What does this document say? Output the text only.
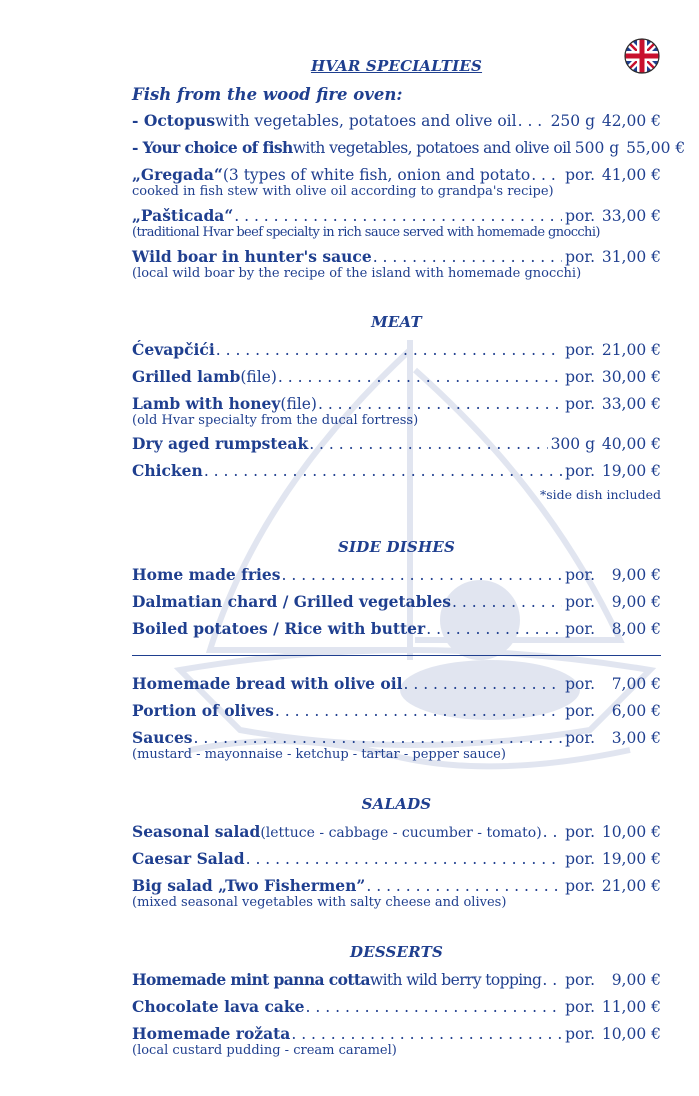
HVAR SPECIALTIES
Fish from the wood fire oven:
- Octopus with vegetables, potatoes and olive oil . . . 250 g 42,00 €
- Your choice of fish with vegetables, potatoes and olive oil 500 g 55,00 €
„Gregada“ (3 types of white fish, onion and potato . . . por. 41,00 €
cooked in fish stew with olive oil according to grandpa's recipe)
„Pašticada“ . . .	por. 33,00 €
(traditional Hvar beef specialty in rich sauce served with homemade gnocchi)
Wild boar in hunter's sauce . . .	por. 31,00 €
(local wild boar by the recipe of the island with homemade gnocchi)
MEAT
Ćevapčići . . .	por. 21,00 €
Grilled lamb (file) . . .	por. 30,00 €
Lamb with honey (file) . . .	por. 33,00 €
(old Hvar specialty from the ducal fortress)
Dry aged rumpsteak . . .	300 g 40,00 €
Chicken . . .	por. 19,00 €
*side dish included
SIDE DISHES
Home made fries . . .	por.	9,00 €
Dalmatian chard / Grilled vegetables . . .	por.	9,00 €
Boiled potatoes / Rice with butter . . .	por.	8,00 €
Homemade bread with olive oil . . .	por.	7,00 €
Portion of olives . . .	por.	6,00 €
Sauces . . .	por.	3,00 €
(mustard - mayonnaise - ketchup - tartar - pepper sauce)
SALADS
Seasonal salad (lettuce - cabbage - cucumber - tomato) . . . por. 10,00 €
Caesar Salad . . .	por. 19,00 €
Big salad „Two Fishermen” . . .	por. 21,00 €
(mixed seasonal vegetables with salty cheese and olives)
DESSERTS
Homemade mint panna cotta with wild berry topping . . . por.	9,00 €
Chocolate lava cake . . .	por. 11,00 €
Homemade rožata . . .	por. 10,00 €
(local custard pudding - cream caramel)
